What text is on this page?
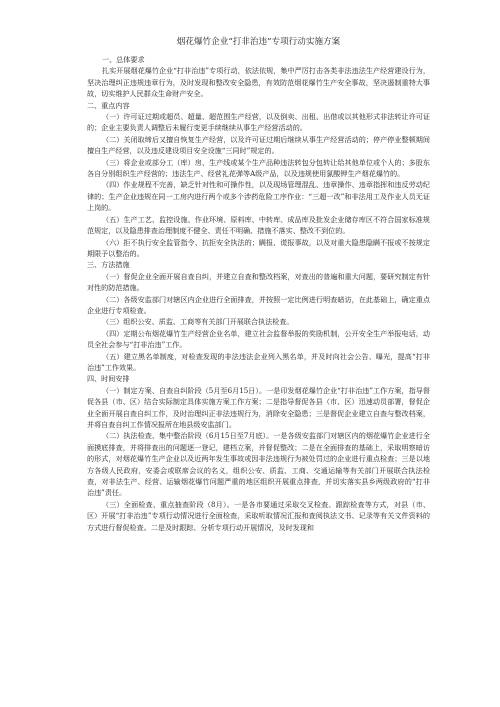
烟花爆竹企业“打非治违”专项行动实施方案

一、总体要求

扎实开展烟花爆竹企业“打非治违”专项行动，依法依规，集中严厉打击各类非法违法生产经营建设行为，坚决治理纠正违规违章行为，及时发现和整改安全隐患，有效防范烟花爆竹生产安全事故，坚决遏制重特大事故，切实维护人民群众生命财产安全。

二、重点内容

（一）许可证过期或超员、超量、超范围生产经营，以及倒卖、出租、出借或以其他形式非法转让许可证的；企业主要负责人调整后未履行变更手续继续从事生产经营活动的。

（二）关闭取缔后又擅自恢复生产经营，以及许可证过期后继续从事生产经营活动的；停产停业整顿期间擅自生产经营，以及违反建设项目安全设施“三同时”规定的。

（三）将企业或部分工（库）房、生产线或某个生产品种违法转包分包转让给其他单位或个人的；多股东各自分别组织生产经营的；违法生产、经营礼花弹等A级产品，以及违规使用氯酸钾生产烟花爆竹的。

（四）作业规程不完善，缺乏针对性和可操作性，以及现场管理混乱、违章操作、违章指挥和违反劳动纪律的；生产企业违规在同一工房内进行两个或多个涉药危险工序作业：“三超一改”和非法用工及作业人员无证上岗的。

（五）生产工艺、监控设施、作业环境、原料库、中转库、成品库及批发企业储存库区不符合国家标准规范规定，以及隐患排查治理制度不健全、责任不明确、措施不落实、整改不到位的。

（六）拒不执行安全监管指令、抗拒安全执法的；瞒报、谎报事故，以及对重大隐患隐瞒不报或不按规定期限予以整治的。

三、方法措施

（一）督促企业全面开展自查自纠，并建立自查和整改档案，对查出的普遍和重大问题，要研究制定有针对性的防范措施。

（二）各级安监部门对辖区内企业进行全面排查，并按照一定比例进行明查暗访，在此基础上，确定重点企业进行专项检查。

（三）组织公安、质监、工商等有关部门开展联合执法检查。

（四）定期公布烟花爆竹生产经营企业名单，建立社会监督举报的奖励机制，公开安全生产举报电话，动员全社会参与“打非治违”工作。

（五）建立黑名单制度，对检查发现的非法违法企业列入黑名单，并及时向社会公告、曝光，提高“打非治违”工作效果。

四、时间安排

（一）制定方案、自查自纠阶段（5月至6月15日）。一是印发烟花爆竹企业“打非治违”工作方案，指导督促各县（市、区）结合实际制定具体实施方案工作方案；二是指导督促各县（市、区）迅速动员部署，督促企业全面开展自查自纠工作，及时治理纠正非法违规行为，消除安全隐患；三是督促企业建立自查与整改档案，并将自查自纠工作情况报所在地县级安监部门。

（二）执法检查、集中整治阶段（6月15日至7月底）。一是各级安监部门对辖区内的烟花爆竹企业进行全面摸底排查，并将排查出的问题逐一登记，建档立案，并督促整改；二是在全面排查的基础上，采取明察暗访的形式，对烟花爆竹生产企业以及近两年发生事故或因非法违规行为被处罚过的企业进行重点检查；三是以地方各级人民政府，安委会或联席会议的名义，组织公安、质监、工商、交通运输等有关部门开展联合执法检查，对非法生产、经营、运输烟花爆竹问题严重的地区组织开展重点排查，并切实落实县乡两级政府的“打非治违”责任。

（三）全面检查、重点抽查阶段（8月）。一是各市要通过采取交叉检查、跟踪检查等方式，对县（市、区）开展“打非治违”专项行动情况进行全面检查，采取听取情况汇报和查阅执法文书、记录等有关文件资料的方式进行督促检查。二是及时跟踪、分析专项行动开展情况，及时发现和
